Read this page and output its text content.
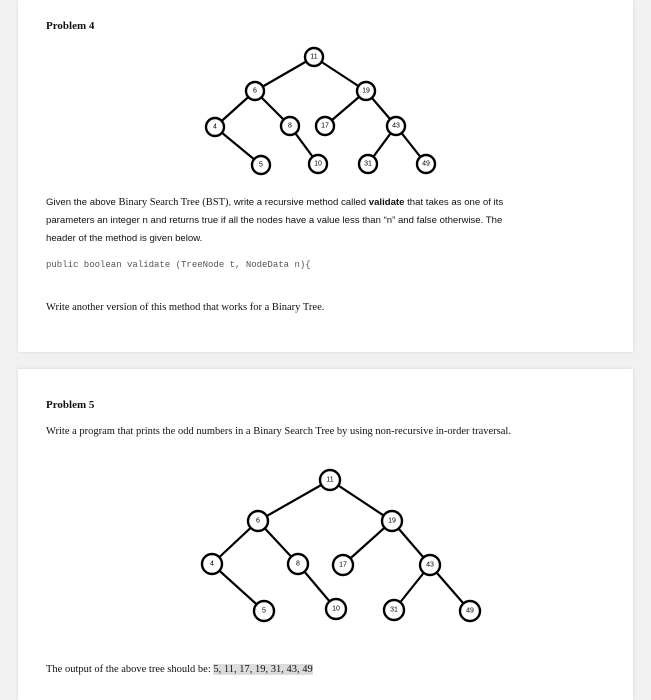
Problem 4
11
6	19
4	8	17	43
5	10	31	49
Given the above Binary Search Tree (BST), write a recursive method called validate that takes as one of its
parameters an integer n and returns true if all the nodes have a value less than “n” and false otherwise. The
header of the method is given below.
public boolean validate (TreeNode t, NodeData n){
Write another version of this method that works for a Binary Tree.
Problem 5
Write a program that prints the odd numbers in a Binary Search Tree by using non-recursive in-order traversal.
11
6	19
4	8	17	43
5	10	31	49
The output of the above tree should be: 5, 11, 17, 19, 31, 43, 49
